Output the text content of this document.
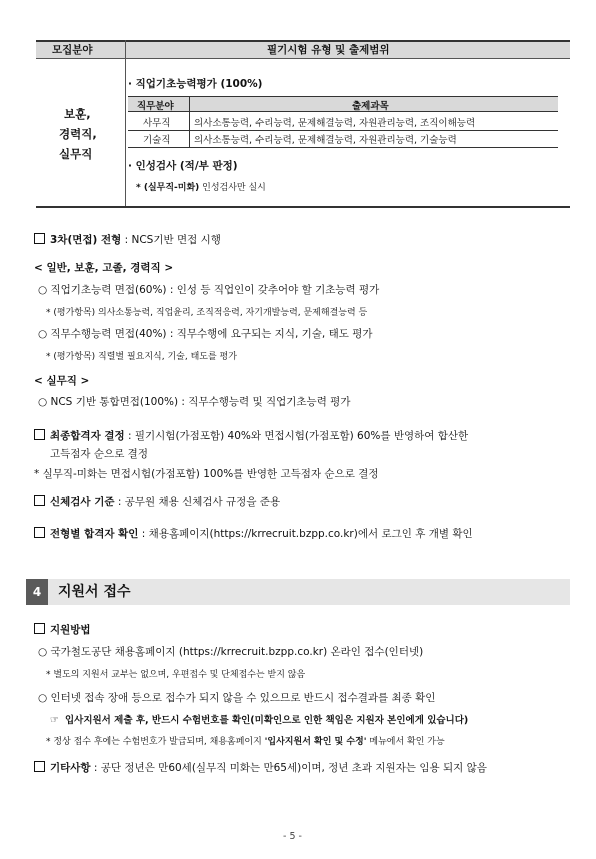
모집분야	필기시험 유형 및 출제범위
보훈,
경력직,
실무직
· 직업기초능력평가 (100%)
직무분야	출제과목
사무직 의사소통능력, 수리능력, 문제해결능력, 자원관리능력, 조직이해능력
기술직 의사소통능력, 수리능력, 문제해결능력, 자원관리능력, 기술능력
· 인성검사 (적/부 판정)
* (실무직-미화) 인성검사만 실시
3차(면접) 전형 : NCS기반 면접 시행
< 일반, 보훈, 고졸, 경력직 >
○ 직업기초능력 면접(60%) : 인성 등 직업인이 갖추어야 할 기초능력 평가
* (평가항목) 의사소통능력, 직업윤리, 조직적응력, 자기개발능력, 문제해결능력 등
○ 직무수행능력 면접(40%) : 직무수행에 요구되는 지식, 기술, 태도 평가
* (평가항목) 직렬별 필요지식, 기술, 태도를 평가
< 실무직 >
○ NCS 기반 통합면접(100%) : 직무수행능력 및 직업기초능력 평가
최종합격자 결정 : 필기시험(가점포함) 40%와 면접시험(가점포함) 60%를 반영하여 합산한
고득점자 순으로 결정
* 실무직-미화는 면접시험(가점포함) 100%를 반영한 고득점자 순으로 결정
신체검사 기준 : 공무원 채용 신체검사 규정을 준용
전형별 합격자 확인 : 채용홈페이지(https://krrecruit.bzpp.co.kr)에서 로그인 후 개별 확인
4	지원서 접수
지원방법
○ 국가철도공단 채용홈페이지 (https://krrecruit.bzpp.co.kr) 온라인 접수(인터넷)
* 별도의 지원서 교부는 없으며, 우편접수 및 단체접수는 받지 않음
○ 인터넷 접속 장애 등으로 접수가 되지 않을 수 있으므로 반드시 접수결과를 최종 확인
☞ 입사지원서 제출 후, 반드시 수험번호를 확인(미확인으로 인한 책임은 지원자 본인에게 있습니다)
* 정상 접수 후에는 수험번호가 발급되며, 채용홈페이지 '입사지원서 확인 및 수정' 메뉴에서 확인 가능
기타사항 : 공단 정년은 만60세(실무직 미화는 만65세)이며, 정년 초과 지원자는 임용 되지 않음
- 5 -
